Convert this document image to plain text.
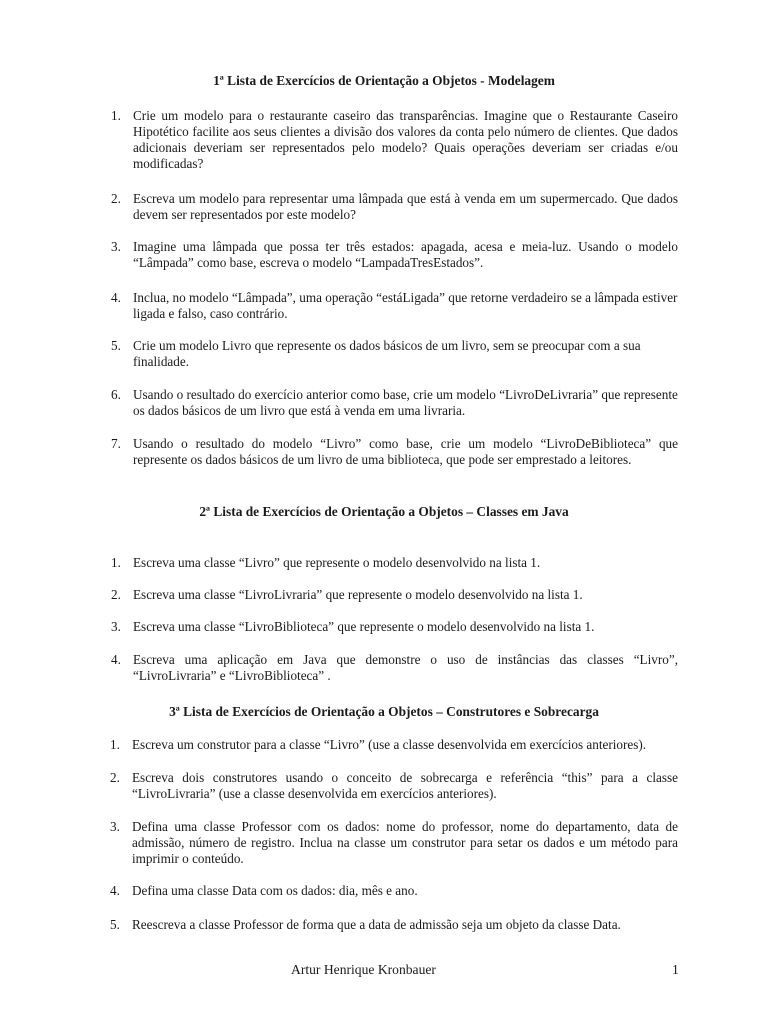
1ª Lista de Exercícios de Orientação a Objetos - Modelagem
1. Crie um modelo para o restaurante caseiro das transparências. Imagine que o Restaurante Caseiro Hipotético facilite aos seus clientes a divisão dos valores da conta pelo número de clientes. Que dados adicionais deveriam ser representados pelo modelo? Quais operações deveriam ser criadas e/ou modificadas?
2. Escreva um modelo para representar uma lâmpada que está à venda em um supermercado. Que dados devem ser representados por este modelo?
3. Imagine uma lâmpada que possa ter três estados: apagada, acesa e meia-luz. Usando o modelo “Lâmpada” como base, escreva o modelo “LampadaTresEstados”.
4. Inclua, no modelo “Lâmpada”, uma operação “estáLigada” que retorne verdadeiro se a lâmpada estiver ligada e falso, caso contrário.
5. Crie um modelo Livro que represente os dados básicos de um livro, sem se preocupar com a sua finalidade.
6. Usando o resultado do exercício anterior como base, crie um modelo “LivroDeLivraria” que represente os dados básicos de um livro que está à venda em uma livraria.
7. Usando o resultado do modelo “Livro” como base, crie um modelo “LivroDeBiblioteca” que represente os dados básicos de um livro de uma biblioteca, que pode ser emprestado a leitores.
2ª Lista de Exercícios de Orientação a Objetos – Classes em Java
1. Escreva uma classe “Livro” que represente o modelo desenvolvido na lista 1.
2. Escreva uma classe “LivroLivraria” que represente o modelo desenvolvido na lista 1.
3. Escreva uma classe “LivroBiblioteca” que represente o modelo desenvolvido na lista 1.
4. Escreva uma aplicação em Java que demonstre o uso de instâncias das classes “Livro”, “LivroLivraria” e “LivroBiblioteca” .
3ª Lista de Exercícios de Orientação a Objetos – Construtores e Sobrecarga
1. Escreva um construtor para a classe “Livro” (use a classe desenvolvida em exercícios anteriores).
2. Escreva dois construtores usando o conceito de sobrecarga e referência “this” para a classe “LivroLivraria” (use a classe desenvolvida em exercícios anteriores).
3. Defina uma classe Professor com os dados: nome do professor, nome do departamento, data de admissão, número de registro. Inclua na classe um construtor para setar os dados e um método para imprimir o conteúdo.
4. Defina uma classe Data com os dados: dia, mês e ano.
5. Reescreva a classe Professor de forma que a data de admissão seja um objeto da classe Data.
Artur Henrique Kronbauer	1
